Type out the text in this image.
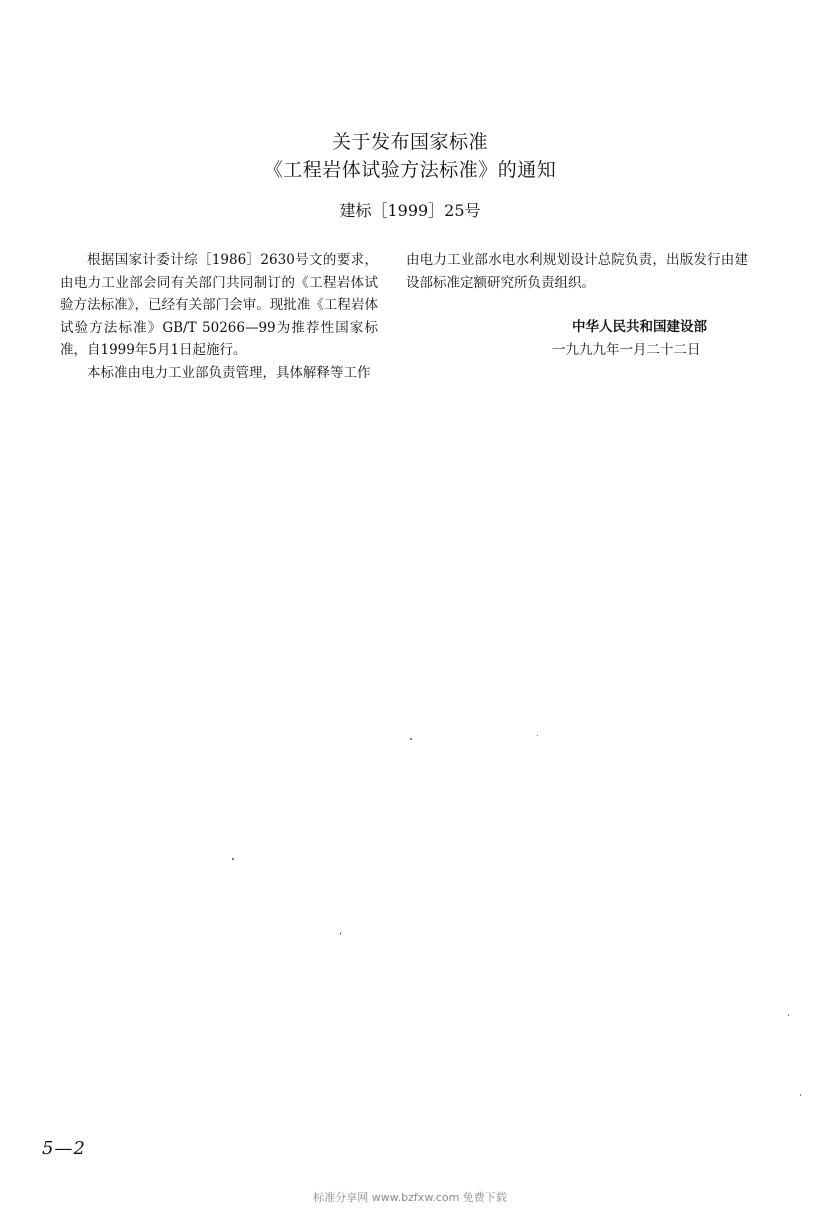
关于发布国家标准
《工程岩体试验方法标准》的通知
建标［1999］25号

根据国家计委计综［1986］2630号文的要求，由电力工业部会同有关部门共同制订的《工程岩体试验方法标准》，已经有关部门会审。现批准《工程岩体试验方法标准》GB/T 50266—99为推荐性国家标准，自1999年5月1日起施行。

本标准由电力工业部负责管理，具体解释等工作

由电力工业部水电水利规划设计总院负责，出版发行由建设部标准定额研究所负责组织。

中华人民共和国建设部
一九九九年一月二十二日
5—2
标准分享网 www.bzfxw.com 免费下载
